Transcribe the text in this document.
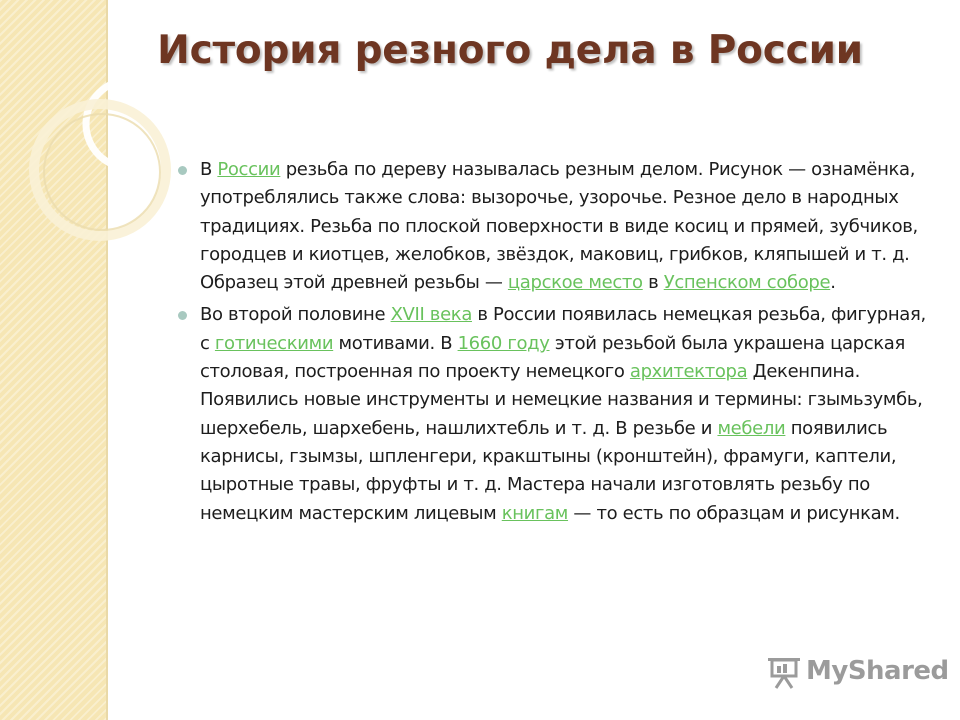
История резного дела в России
В России резьба по дереву называлась резным делом. Рисунок — ознамёнка, употреблялись также слова: вызорочье, узорочье. Резное дело в народных традициях. Резьба по плоской поверхности в виде косиц и прямей, зубчиков, городцев и киотцев, желобков, звёздок, маковиц, грибков, кляпышей и т. д. Образец этой древней резьбы — царское место в Успенском соборе.
Во второй половине XVII века в России появилась немецкая резьба, фигурная, с готическими мотивами. В 1660 году этой резьбой была украшена царская столовая, построенная по проекту немецкого архитектора Декенпина. Появились новые инструменты и немецкие названия и термины: гзымьзумбь, шерхебель, шархебень, нашлихтебль и т. д. В резьбе и мебели появились карнисы, гзымзы, шпленгери, кракштыны (кронштейн), фрамуги, каптели, цыротные травы, фруфты и т. д. Мастера начали изготовлять резьбу по немецким мастерским лицевым книгам — то есть по образцам и рисункам.
MyShared
